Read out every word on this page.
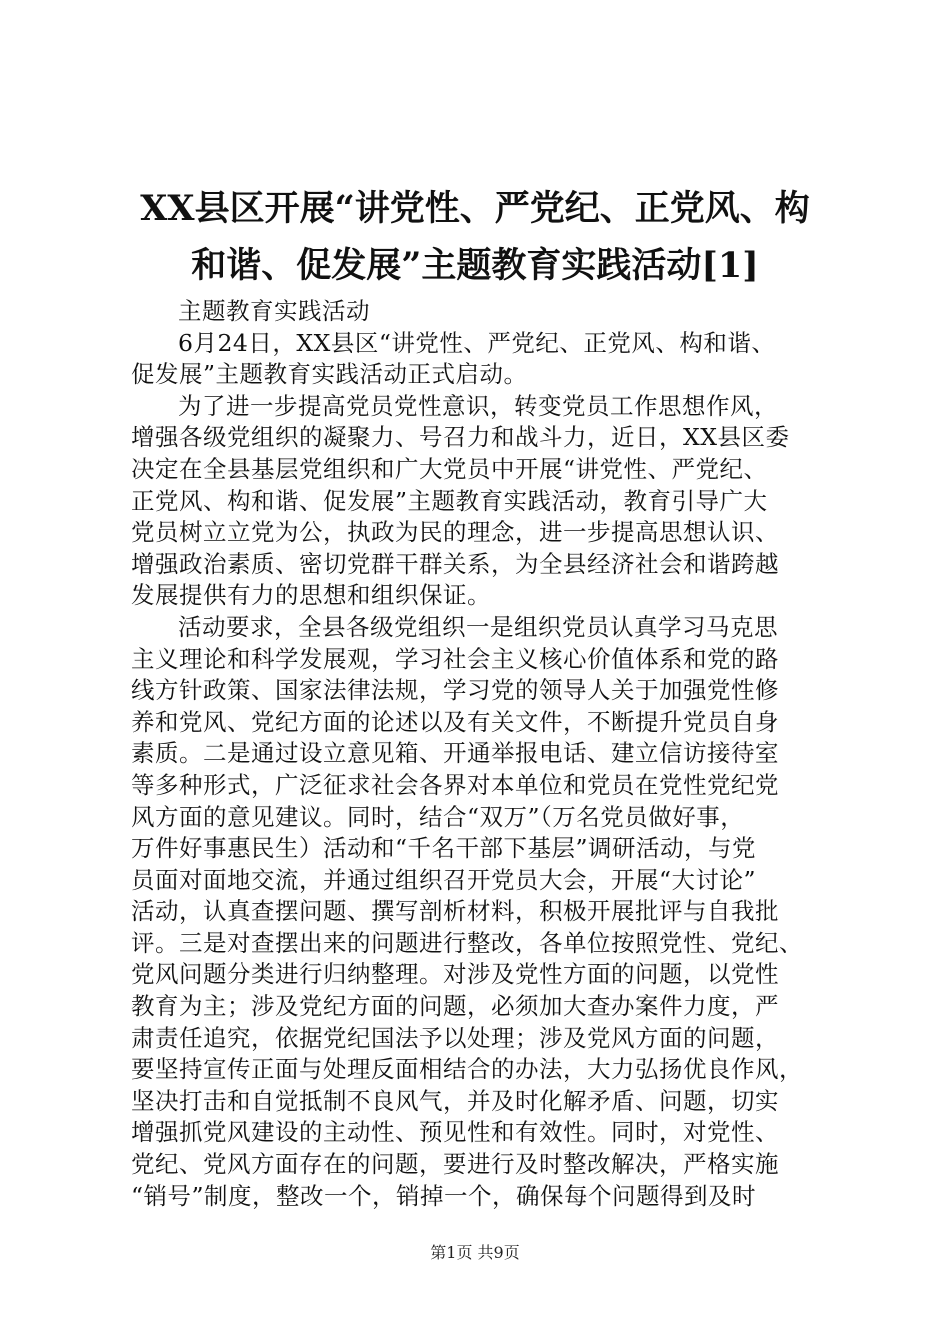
XX县区开展“讲党性、严党纪、正党风、构
和谐、促发展”主题教育实践活动[1]
主题教育实践活动
6月24日，XX县区“讲党性、严党纪、正党风、构和谐、
促发展”主题教育实践活动正式启动。
为了进一步提高党员党性意识，转变党员工作思想作风，
增强各级党组织的凝聚力、号召力和战斗力，近日，XX县区委
决定在全县基层党组织和广大党员中开展“讲党性、严党纪、
正党风、构和谐、促发展”主题教育实践活动，教育引导广大
党员树立立党为公，执政为民的理念，进一步提高思想认识、
增强政治素质、密切党群干群关系，为全县经济社会和谐跨越
发展提供有力的思想和组织保证。
活动要求，全县各级党组织一是组织党员认真学习马克思
主义理论和科学发展观，学习社会主义核心价值体系和党的路
线方针政策、国家法律法规，学习党的领导人关于加强党性修
养和党风、党纪方面的论述以及有关文件，不断提升党员自身
素质。二是通过设立意见箱、开通举报电话、建立信访接待室
等多种形式，广泛征求社会各界对本单位和党员在党性党纪党
风方面的意见建议。同时，结合“双万”（万名党员做好事，
万件好事惠民生）活动和“千名干部下基层”调研活动，与党
员面对面地交流，并通过组织召开党员大会，开展“大讨论”
活动，认真查摆问题、撰写剖析材料，积极开展批评与自我批
评。三是对查摆出来的问题进行整改，各单位按照党性、党纪、
党风问题分类进行归纳整理。对涉及党性方面的问题，以党性
教育为主；涉及党纪方面的问题，必须加大查办案件力度，严
肃责任追究，依据党纪国法予以处理；涉及党风方面的问题，
要坚持宣传正面与处理反面相结合的办法，大力弘扬优良作风，
坚决打击和自觉抵制不良风气，并及时化解矛盾、问题，切实
增强抓党风建设的主动性、预见性和有效性。同时，对党性、
党纪、党风方面存在的问题，要进行及时整改解决，严格实施
“销号”制度，整改一个，销掉一个，确保每个问题得到及时
第1页 共9页
